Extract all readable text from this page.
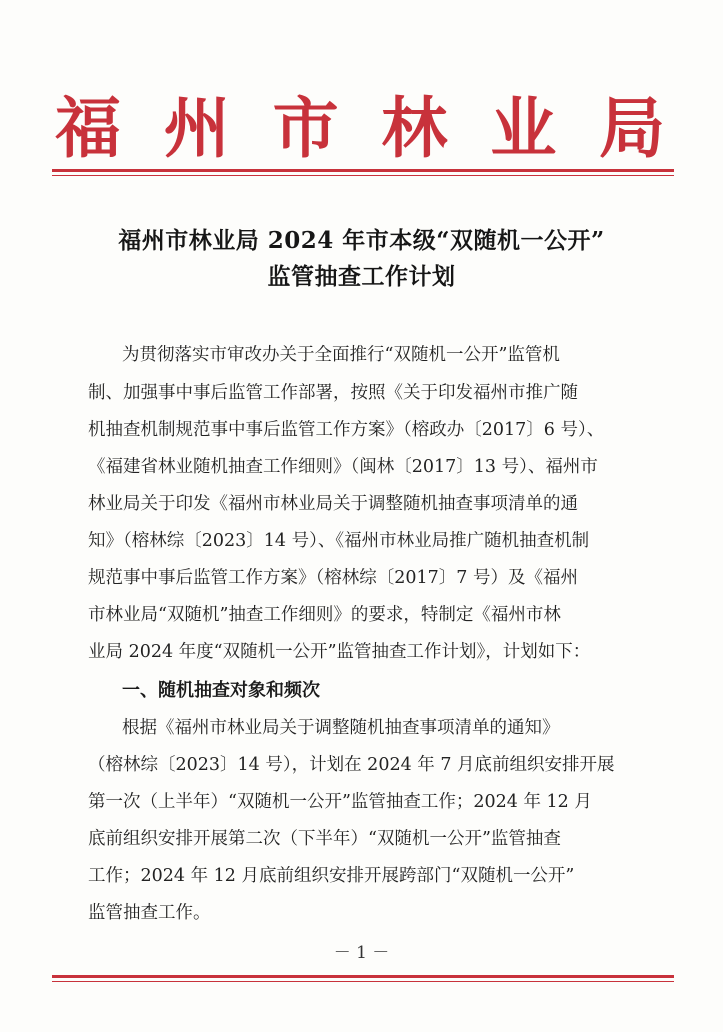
福 州 市 林 业 局
福州市林业局 2024 年市本级“双随机一公开”
监管抽查工作计划
为贯彻落实市审改办关于全面推行“双随机一公开”监管机
制、加强事中事后监管工作部署，按照《关于印发福州市推广随
机抽查机制规范事中事后监管工作方案》（榕政办〔2017〕6 号）、
《福建省林业随机抽查工作细则》（闽林〔2017〕13 号）、福州市
林业局关于印发《福州市林业局关于调整随机抽查事项清单的通
知》（榕林综〔2023〕14 号）、《福州市林业局推广随机抽查机制
规范事中事后监管工作方案》（榕林综〔2017〕7 号）及《福州
市林业局“双随机”抽查工作细则》的要求，特制定《福州市林
业局 2024 年度“双随机一公开”监管抽查工作计划》，计划如下：
一、随机抽查对象和频次
根据《福州市林业局关于调整随机抽查事项清单的通知》
（榕林综〔2023〕14 号），计划在 2024 年 7 月底前组织安排开展
第一次（上半年）“双随机一公开”监管抽查工作；2024 年 12 月
底前组织安排开展第二次（下半年）“双随机一公开”监管抽查
工作；2024 年 12 月底前组织安排开展跨部门“双随机一公开”
监管抽查工作。
－ 1 －
